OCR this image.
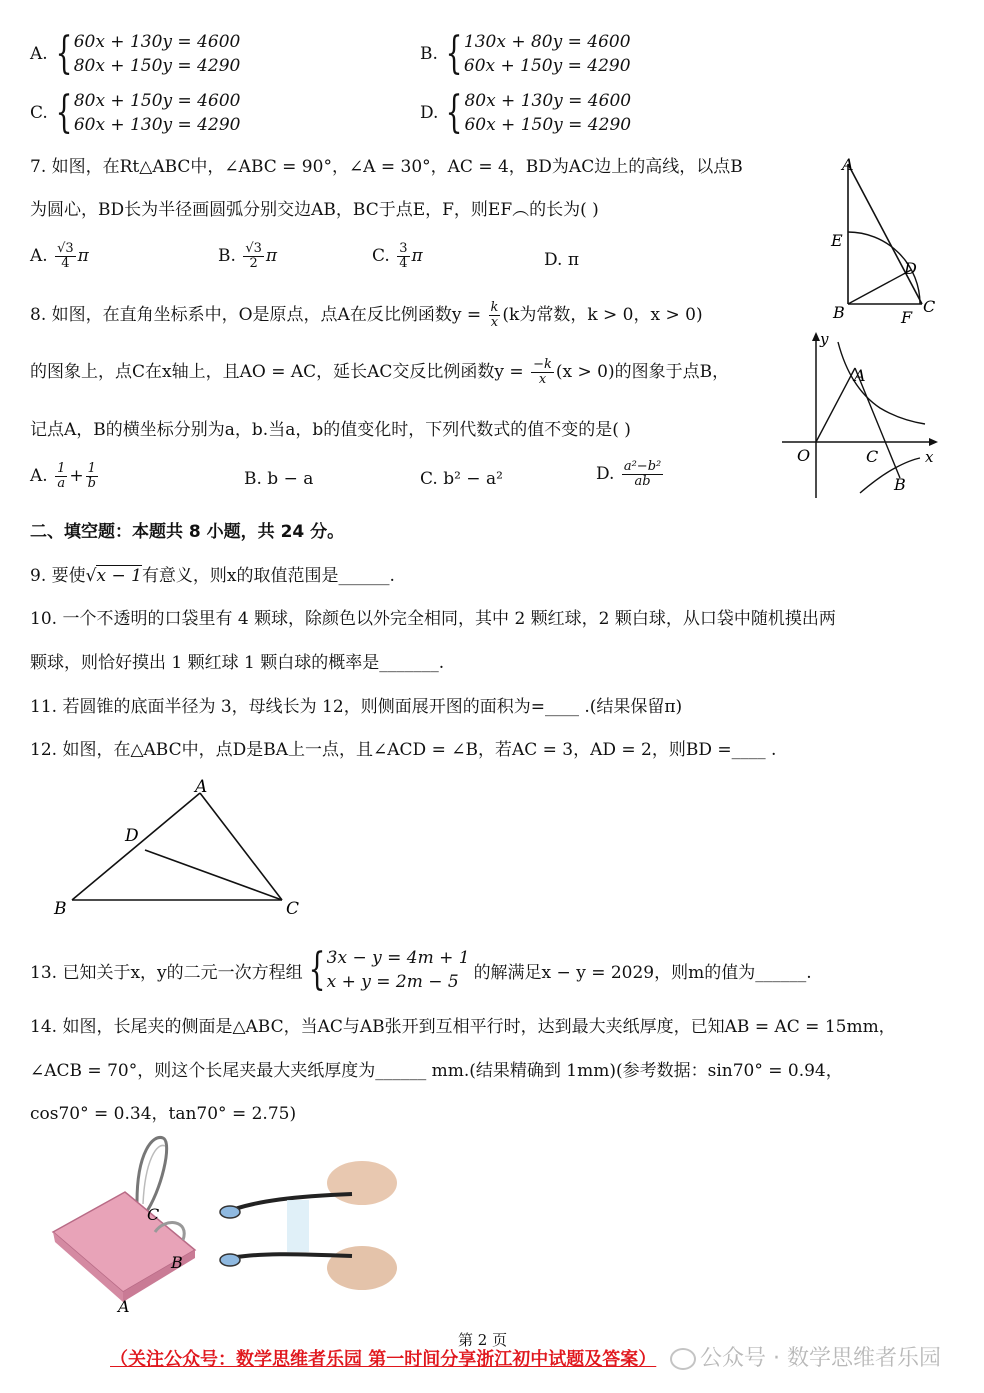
A. { 60x + 130y = 4600
80x + 150y = 4290
B. { 130x + 80y = 4600
60x + 150y = 4290
C. { 80x + 150y = 4600
60x + 130y = 4290
D. { 80x + 130y = 4600
60x + 150y = 4290
7. 如图，在Rt△ABC中，∠ABC = 90°，∠A = 30°，AC = 4，BD为AC边上的高线，以点B
为圆心，BD长为半径画圆弧分别交边AB，BC于点E，F，则EF︵的长为( )
A. $\frac{√3}{4}$ π	B. $\frac{√3}{2}$ π	C. $\frac{3}{4}$ π	D. π
A
E
D
B	F
C
8. 如图，在直角坐标系中，O是原点，点A在反比例函数$y = \frac{k}{x} (k$为常数，k > 0，x > 0)
的图象上，点C在x轴上，且AO = AC，延长AC交反比例函数$y = \frac{-k}{x} (x > 0)$的图象于点B，
记点A，B的横坐标分别为a，b.当a，b的值变化时，下列代数式的值不变的是( )
A. $\frac{1}{a} + \frac{1}{b}$	B. b − a	C. b² − a²	D. $\frac{\text{a²−b²}}{ab}$
y
A
O	C	x
B
二、填空题：本题共 8 小题，共 24 分。
9. 要使√x − 1有意义，则x的取值范围是______.
10. 一个不透明的口袋里有 4 颗球，除颜色以外完全相同，其中 2 颗红球，2 颗白球，从口袋中随机摸出两
颗球，则恰好摸出 1 颗红球 1 颗白球的概率是_______.
11. 若圆锥的底面半径为 3，母线长为 12，则侧面展开图的面积为=____ .(结果保留π)
12. 如图，在△ABC中，点D是BA上一点，且∠ACD = ∠B，若AC = 3，AD = 2，则BD =____ .
A
D
B	C
13. 已知关于x，y的二元一次方程组 { 3x − y = 4m + 1
x + y = 2m − 5 的解满足x − y = 2029，则m的值为______.
14. 如图，长尾夹的侧面是△ABC，当AC与AB张开到互相平行时，达到最大夹纸厚度，已知AB = AC = 15mm，
∠ACB = 70°，则这个长尾夹最大夹纸厚度为______ mm.(结果精确到 1mm)(参考数据：sin70° = 0.94，
cos70° = 0.34，tan70° = 2.75)
C
B
A
第 2 页
（关注公众号：数学思维者乐园 第一时间分享浙江初中试题及答案）	公众号 · 数学思维者乐园
